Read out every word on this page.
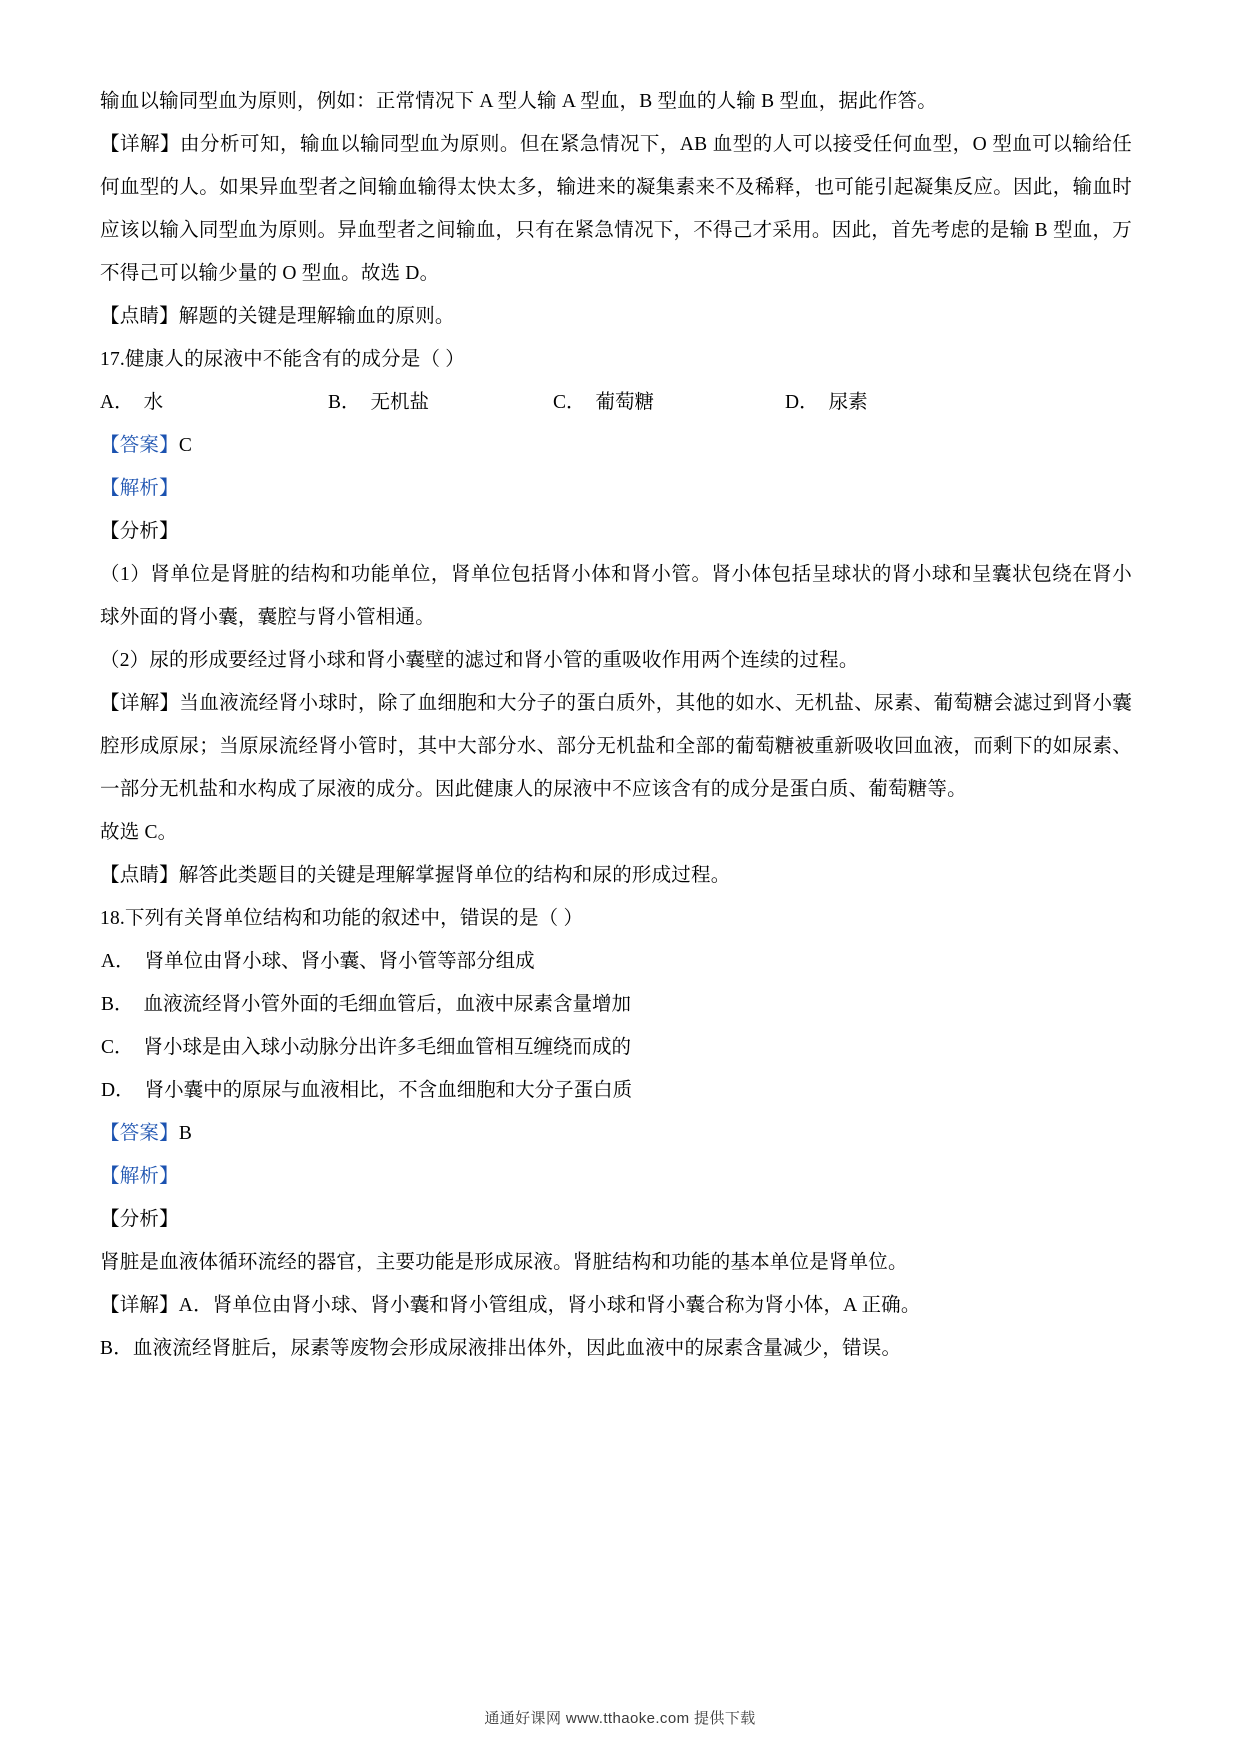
输血以输同型血为原则，例如：正常情况下 A 型人输 A 型血，B 型血的人输 B 型血，据此作答。

【详解】由分析可知，输血以输同型血为原则。但在紧急情况下，AB 血型的人可以接受任何血型，O 型血可以输给任何血型的人。如果异血型者之间输血输得太快太多，输进来的凝集素来不及稀释，也可能引起凝集反应。因此，输血时应该以输入同型血为原则。异血型者之间输血，只有在紧急情况下，不得己才采用。因此，首先考虑的是输 B 型血，万不得己可以输少量的 O 型血。故选 D。

【点睛】解题的关键是理解输血的原则。

17.健康人的尿液中不能含有的成分是（ ）

A． 水	B． 无机盐	C． 葡萄糖	D． 尿素

【答案】C

【解析】

【分析】

（1）肾单位是肾脏的结构和功能单位，肾单位包括肾小体和肾小管。肾小体包括呈球状的肾小球和呈囊状包绕在肾小球外面的肾小囊，囊腔与肾小管相通。

（2）尿的形成要经过肾小球和肾小囊壁的滤过和肾小管的重吸收作用两个连续的过程。

【详解】当血液流经肾小球时，除了血细胞和大分子的蛋白质外，其他的如水、无机盐、尿素、葡萄糖会滤过到肾小囊腔形成原尿；当原尿流经肾小管时，其中大部分水、部分无机盐和全部的葡萄糖被重新吸收回血液，而剩下的如尿素、一部分无机盐和水构成了尿液的成分。因此健康人的尿液中不应该含有的成分是蛋白质、葡萄糖等。

故选 C。

【点睛】解答此类题目的关键是理解掌握肾单位的结构和尿的形成过程。

18.下列有关肾单位结构和功能的叙述中，错误的是（ ）

A． 肾单位由肾小球、肾小囊、肾小管等部分组成
B． 血液流经肾小管外面的毛细血管后，血液中尿素含量增加
C． 肾小球是由入球小动脉分出许多毛细血管相互缠绕而成的
D． 肾小囊中的原尿与血液相比，不含血细胞和大分子蛋白质

【答案】B

【解析】

【分析】

肾脏是血液体循环流经的器官，主要功能是形成尿液。肾脏结构和功能的基本单位是肾单位。

【详解】A．肾单位由肾小球、肾小囊和肾小管组成，肾小球和肾小囊合称为肾小体，A 正确。

B．血液流经肾脏后，尿素等废物会形成尿液排出体外，因此血液中的尿素含量减少，错误。

通通好课网 www.tthaoke.com 提供下载
